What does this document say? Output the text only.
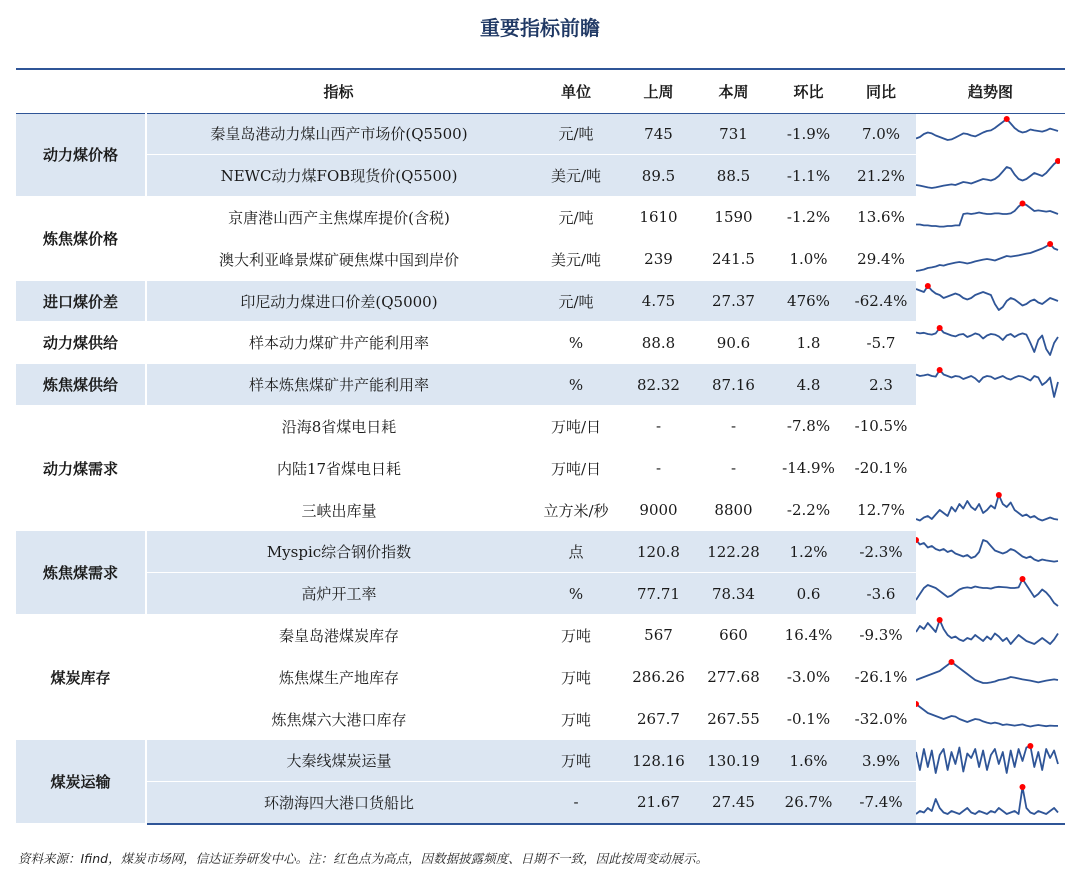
重要指标前瞻
	指标	单位	上周	本周	环比	同比	趋势图
动力煤价格	秦皇岛港动力煤山西产市场价(Q5500)	元/吨	745	731	-1.9%	7.0%	

	NEWC动力煤FOB现货价(Q5500)	美元/吨	89.5	88.5	-1.1%	21.2%	

炼焦煤价格	京唐港山西产主焦煤库提价(含税)	元/吨	1610	1590	-1.2%	13.6%	

	澳大利亚峰景煤矿硬焦煤中国到岸价	美元/吨	239	241.5	1.0%	29.4%	

进口煤价差	印尼动力煤进口价差(Q5000)	元/吨	4.75	27.37	476%	-62.4%	

动力煤供给	样本动力煤矿井产能利用率	%	88.8	90.6	1.8	-5.7	

炼焦煤供给	样本炼焦煤矿井产能利用率	%	82.32	87.16	4.8	2.3	

动力煤需求	沿海8省煤电日耗	万吨/日	-	-	-7.8%	-10.5%	
	内陆17省煤电日耗	万吨/日	-	-	-14.9%	-20.1%	
	三峡出库量	立方米/秒	9000	8800	-2.2%	12.7%	

炼焦煤需求	Myspic综合钢价指数	点	120.8	122.28	1.2%	-2.3%	

	高炉开工率	%	77.71	78.34	0.6	-3.6	

煤炭库存	秦皇岛港煤炭库存	万吨	567	660	16.4%	-9.3%	

	炼焦煤生产地库存	万吨	286.26	277.68	-3.0%	-26.1%	

	炼焦煤六大港口库存	万吨	267.7	267.55	-0.1%	-32.0%	

煤炭运输	大秦线煤炭运量	万吨	128.16	130.19	1.6%	3.9%	

	环渤海四大港口货船比	-	21.67	27.45	26.7%	-7.4%	
资料来源：Ifind，煤炭市场网，信达证券研发中心。注：红色点为高点，因数据披露频度、日期不一致，因此按周变动展示。
